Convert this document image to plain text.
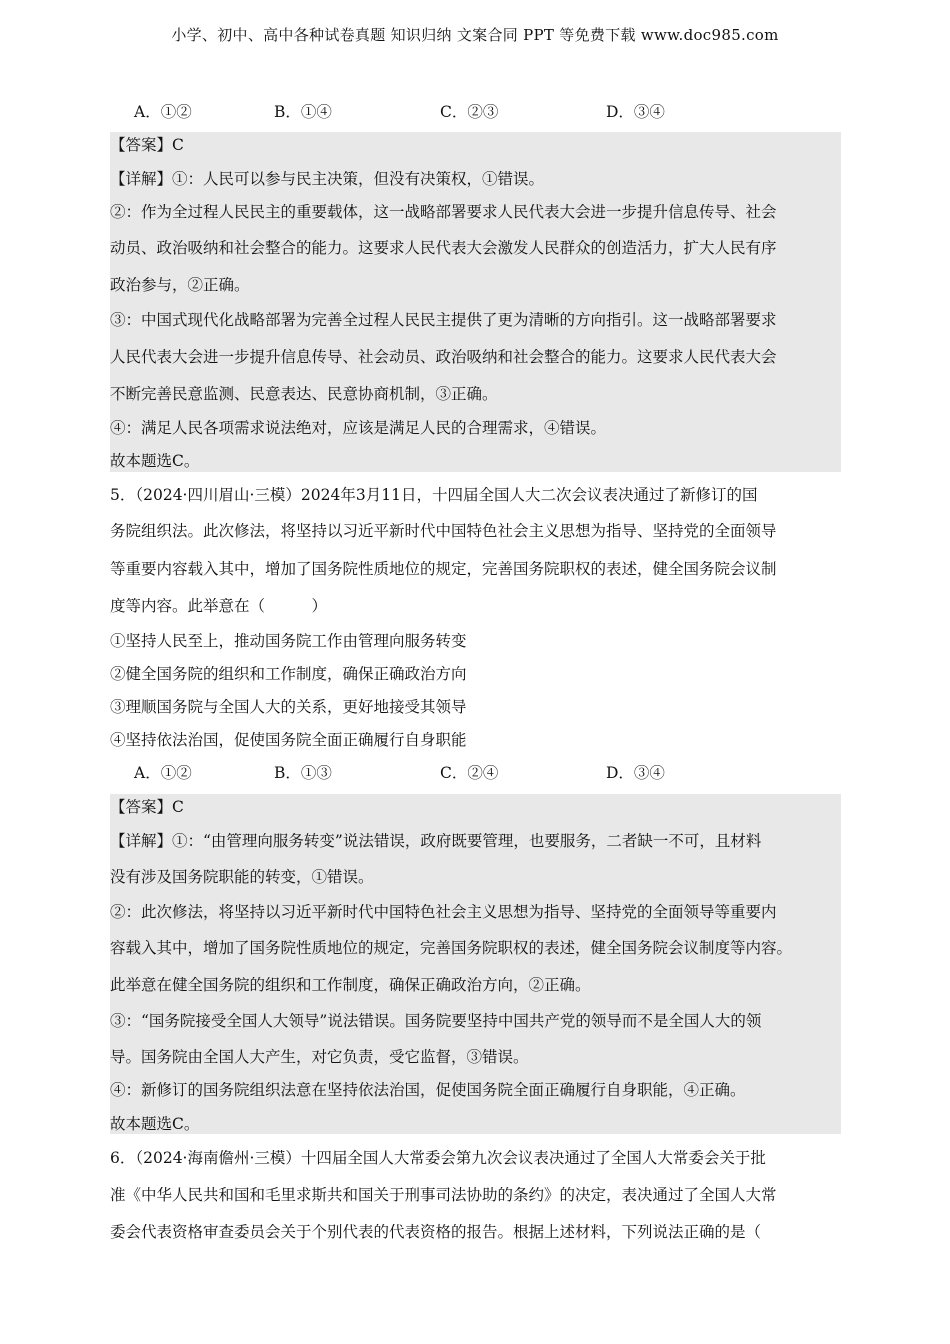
小学、初中、高中各种试卷真题 知识归纳 文案合同 PPT 等免费下载 www.doc985.com
A．①②	B．①④	C．②③	D．③④
【答案】C
【详解】①：人民可以参与民主决策，但没有决策权，①错误。
②：作为全过程人民民主的重要载体，这一战略部署要求人民代表大会进一步提升信息传导、社会
动员、政治吸纳和社会整合的能力。这要求人民代表大会激发人民群众的创造活力，扩大人民有序
政治参与，②正确。
③：中国式现代化战略部署为完善全过程人民民主提供了更为清晰的方向指引。这一战略部署要求
人民代表大会进一步提升信息传导、社会动员、政治吸纳和社会整合的能力。这要求人民代表大会
不断完善民意监测、民意表达、民意协商机制，③正确。
④：满足人民各项需求说法绝对，应该是满足人民的合理需求，④错误。
故本题选C。
5．（2024·四川眉山·三模）2024年3月11日，十四届全国人大二次会议表决通过了新修订的国
务院组织法。此次修法，将坚持以习近平新时代中国特色社会主义思想为指导、坚持党的全面领导
等重要内容载入其中，增加了国务院性质地位的规定，完善国务院职权的表述，健全国务院会议制
度等内容。此举意在（　　　）
①坚持人民至上，推动国务院工作由管理向服务转变
②健全国务院的组织和工作制度，确保正确政治方向
③理顺国务院与全国人大的关系，更好地接受其领导
④坚持依法治国，促使国务院全面正确履行自身职能
A．①②	B．①③	C．②④	D．③④
【答案】C
【详解】①：“由管理向服务转变”说法错误，政府既要管理，也要服务，二者缺一不可，且材料
没有涉及国务院职能的转变，①错误。
②：此次修法，将坚持以习近平新时代中国特色社会主义思想为指导、坚持党的全面领导等重要内
容载入其中，增加了国务院性质地位的规定，完善国务院职权的表述，健全国务院会议制度等内容。
此举意在健全国务院的组织和工作制度，确保正确政治方向，②正确。
③：“国务院接受全国人大领导”说法错误。国务院要坚持中国共产党的领导而不是全国人大的领
导。国务院由全国人大产生，对它负责，受它监督，③错误。
④：新修订的国务院组织法意在坚持依法治国，促使国务院全面正确履行自身职能，④正确。
故本题选C。
6．（2024·海南儋州·三模）十四届全国人大常委会第九次会议表决通过了全国人大常委会关于批
准《中华人民共和国和毛里求斯共和国关于刑事司法协助的条约》的决定，表决通过了全国人大常
委会代表资格审查委员会关于个别代表的代表资格的报告。根据上述材料，下列说法正确的是（
